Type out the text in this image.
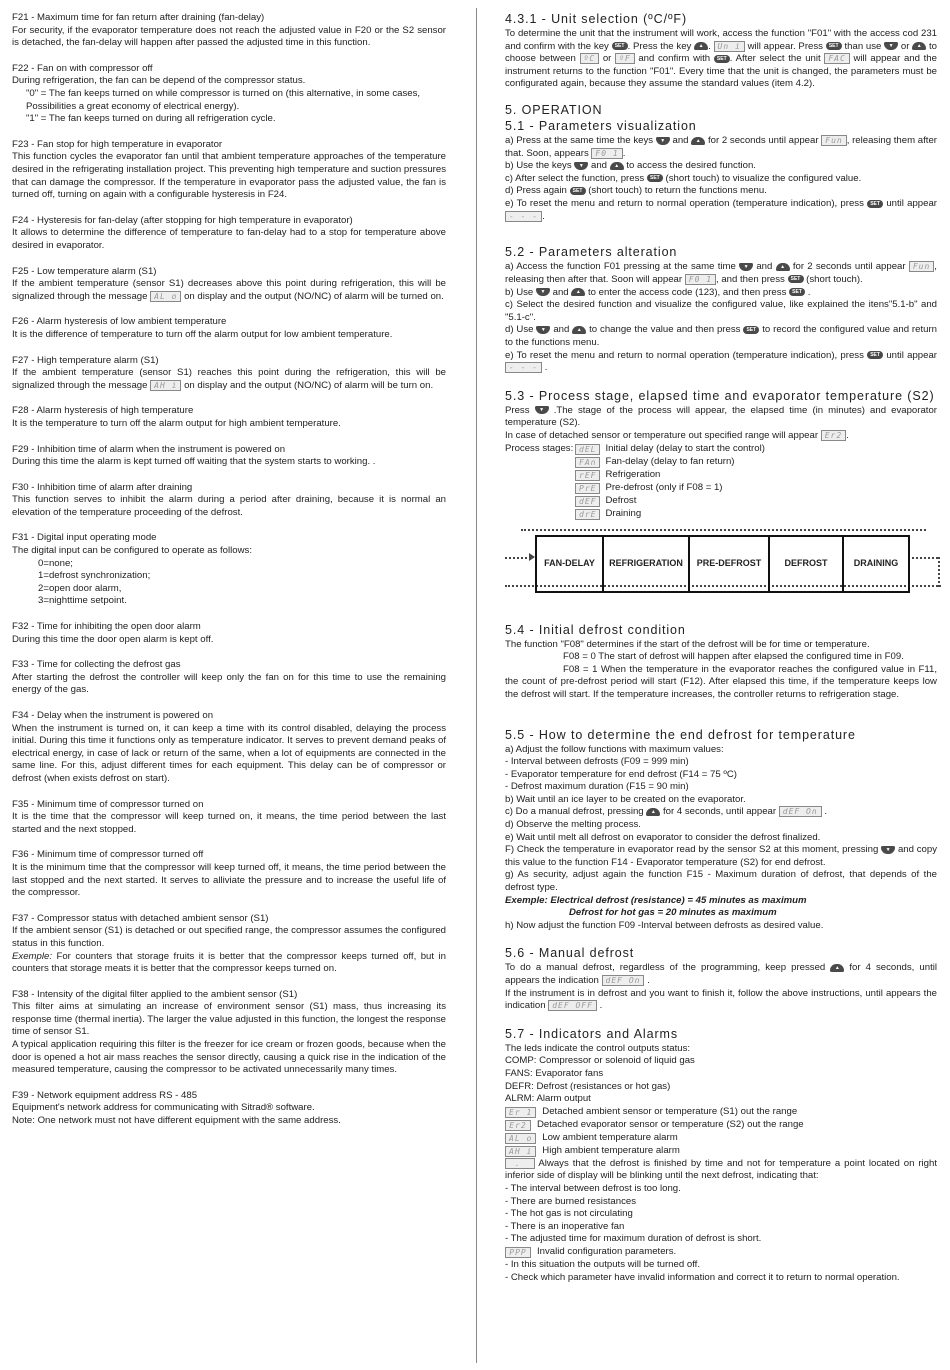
F21 - Maximum time for fan return after draining (fan-delay)

For security, if the evaporator temperature does not reach the adjusted value in F20 or the S2 sensor is detached, the fan-delay will happen after passed the adjusted time in this function.

F22 - Fan on with compressor off

During refrigeration, the fan can be depend of the compressor status.

"0" = The fan keeps turned on while compressor is turned on (this alternative, in some cases,

Possibilities a great economy of electrical energy).

"1" = The fan keeps turned on during all refrigeration cycle.

F23 - Fan stop for high temperature in evaporator

This function cycles the evaporator fan until that ambient temperature approaches of the temperature desired in the refrigerating installation project. This preventing high temperature and suction pressures that can damage the compressor. If the temperature in evaporator pass the adjusted value, the fan is turned off, turning on again with a configurable hysteresis in F24.

F24 - Hysteresis for fan-delay (after stopping for high temperature in evaporator)

It allows to determine the difference of temperature to fan-delay had to a stop for temperature above desired in evaporator.

F25 - Low temperature alarm (S1)

If the ambient temperature (sensor S1) decreases above this point during refrigeration, this will be signalized through the message AL o on display and the output (NO/NC) of alarm will be turned on.

F26 - Alarm hysteresis of low ambient temperature

It is the difference of temperature to turn off the alarm output for low ambient temperature.

F27 - High temperature alarm (S1)

If the ambient temperature (sensor S1) reaches this point during the refrigeration, this will be signalized through the message AH i on display and the output (NO/NC) of alarm will be turn on.

F28 - Alarm hysteresis of high temperature

It is the temperature to turn off the alarm output for high ambient temperature.

F29 - Inhibition time of alarm when the instrument is powered on

During this time the alarm is kept turned off waiting that the system starts to working. .

F30 - Inhibition time of alarm after draining

This function serves to inhibit the alarm during a period after draining, because it is normal an elevation of the temperature proceeding of the defrost.

F31 - Digital input operating mode

The digital input can be configured to operate as follows:

0=none;

1=defrost synchronization;

2=open door alarm,

3=nighttime setpoint.

F32 - Time for inhibiting the open door alarm

During this time the door open alarm is kept off.

F33 - Time for collecting the defrost gas

After starting the defrost the controller will keep only the fan on for this time to use the remaining energy of the gas.

F34 - Delay when the instrument is powered on

When the instrument is turned on, it can keep a time with its control disabled, delaying the process initial. During this time it functions only as temperature indicator. It serves to prevent demand peaks of electrical energy, in case of lack or return of the same, when a lot of equipments are connected in the same line. For this, adjust different times for each equipment. This delay can be of compressor or defrost (when exists defrost on start).

F35 - Minimum time of compressor turned on

It is the time that the compressor will keep turned on, it means, the time period between the last started and the next stopped.

F36 - Minimum time of compressor turned off

It is the minimum time that the compressor will keep turned off, it means, the time period between the last stopped and the next started. It serves to alliviate the pressure and to increase the useful life of the compressor.

F37 - Compressor status with detached ambient sensor (S1)

If the ambient sensor (S1) is detached or out specified range, the compressor assumes the configured status in this function.

Exemple: For counters that storage fruits it is better that the compressor keeps turned off, but in counters that storage meats it is better that the compressor keeps turned on.

F38 - Intensity of the digital filter applied to the ambient sensor (S1)

This filter aims at simulating an increase of environment sensor (S1) mass, thus increasing its response time (thermal inertia). The larger the value adjusted in this function, the longest the response time of sensor S1.

A typical application requiring this filter is the freezer for ice cream or frozen goods, because when the door is opened a hot air mass reaches the sensor directly, causing a quick rise in the indication of the measured temperature, causing the compressor to be activated unnecessarily many times.

F39 - Network equipment address RS - 485

Equipment's network address for communicating with Sitrad® software.

Note: One network must not have different equipment with the same address.

4.3.1 - Unit selection (ºC/ºF)

To determine the unit that the instrument will work, access the function "F01" with the access cod 231 and confirm with the key SET . Press the key ▲ . Un i will appear. Press SET than use ▼ or ▲ to choose between ºC or ºF and confirm with SET . After select the unit FAC will appear and the instrument returns to the function "F01". Every time that the unit is changed, the parameters must be configurated again, because they assume the standard values (item 4.2).

5. OPERATION
5.1 - Parameters visualization

a) Press at the same time the keys ▼ and ▲ for 2 seconds until appear Fun , releasing them after that. Soon, appears F0 1 .

b) Use the keys ▼ and ▲ to access the desired function.

c) After select the function, press SET (short touch) to visualize the configured value.

d) Press again SET (short touch) to return the functions menu.

e) To reset the menu and return to normal operation (temperature indication), press SET until appear - - - .

5.2 - Parameters alteration

a) Access the function F01 pressing at the same time ▼ and ▲ for 2 seconds until appear Fun , releasing then after that. Soon will appear F0 1 , and then press SET (short touch).

b) Use ▼ and ▲ to enter the access code (123), and then press SET .

c) Select the desired function and visualize the configured value, like explained the itens"5.1-b" and "5.1-c".

d) Use ▼ and ▲ to change the value and then press SET to record the configured value and return to the functions menu.

e) To reset the menu and return to normal operation (temperature indication), press SET until appear - - - .

5.3 - Process stage, elapsed time and evaporator temperature (S2)

Press ▼ .The stage of the process will appear, the elapsed time (in minutes) and evaporator temperature (S2).

In case of detached sensor or temperature out specified range will appear Er2 .

Process stages: dEL Initial delay (delay to start the control)
FAn Fan-delay (delay to fan return)
rEF Refrigeration
PrE Pre-defrost (only if F08 = 1)
dEF Defrost
drE Draining
FAN-DELAY	REFRIGERATION	PRE-DEFROST	DEFROST	DRAINING
5.4 - Initial defrost condition

The function "F08" determines if the start of the defrost will be for time or temperature.

F08 = 0 The start of defrost will happen after elapsed the configured time in F09.

F08 = 1 When the temperature in the evaporator reaches the configured value in F11, the count of pre-defrost period will start (F12). After elapsed this time, if the temperature keeps low the defrost will start. If the temperature increases, the controller returns to refrigeration stage.

5.5 - How to determine the end defrost for temperature

a) Adjust the follow functions with maximum values:

- Interval between defrosts (F09 = 999 min)

- Evaporator temperature for end defrost (F14 = 75 ºC)

- Defrost maximum duration (F15 = 90 min)

b) Wait until an ice layer to be created on the evaporator.

c) Do a manual defrost, pressing ▲ for 4 seconds, until appear dEF On .

d) Observe the melting process.

e) Wait until melt all defrost on evaporator to consider the defrost finalized.

F) Check the temperature in evaporator read by the sensor S2 at this moment, pressing ▼ and copy this value to the function F14 - Evaporator temperature (S2) for end defrost.

g) As security, adjust again the function F15 - Maximum duration of defrost, that depends of the defrost type.

Exemple: Electrical defrost (resistance) = 45 minutes as maximum

Defrost for hot gas = 20 minutes as maximum

h) Now adjust the function F09 -Interval between defrosts as desired value.

5.6 - Manual defrost

To do a manual defrost, regardless of the programming, keep pressed ▲ for 4 seconds, until appears the indication dEF On .

If the instrument is in defrost and you want to finish it, follow the above instructions, until appears the indication dEF OFF .

5.7 - Indicators and Alarms

The leds indicate the control outputs status:

COMP: Compressor or solenoid of liquid gas

FANS: Evaporator fans

DEFR: Defrost (resistances or hot gas)

ALRM: Alarm output

Er 1	Detached ambient sensor or temperature (S1) out the range
Er2	Detached evaporator sensor or temperature (S2) out the range
AL o	Low ambient temperature alarm
AH i	High ambient temperature alarm

. Always that the defrost is finished by time and not for temperature a point located on right inferior side of display will be blinking until the next defrost, indicating that:

- The interval between defrost is too long.

- There are burned resistances

- The hot gas is not circulating

- There is an inoperative fan

- The adjusted time for maximum duration of defrost is short.

PPP	Invalid configuration parameters.

- In this situation the outputs will be turned off.

- Check which parameter have invalid information and correct it to return to normal operation.
